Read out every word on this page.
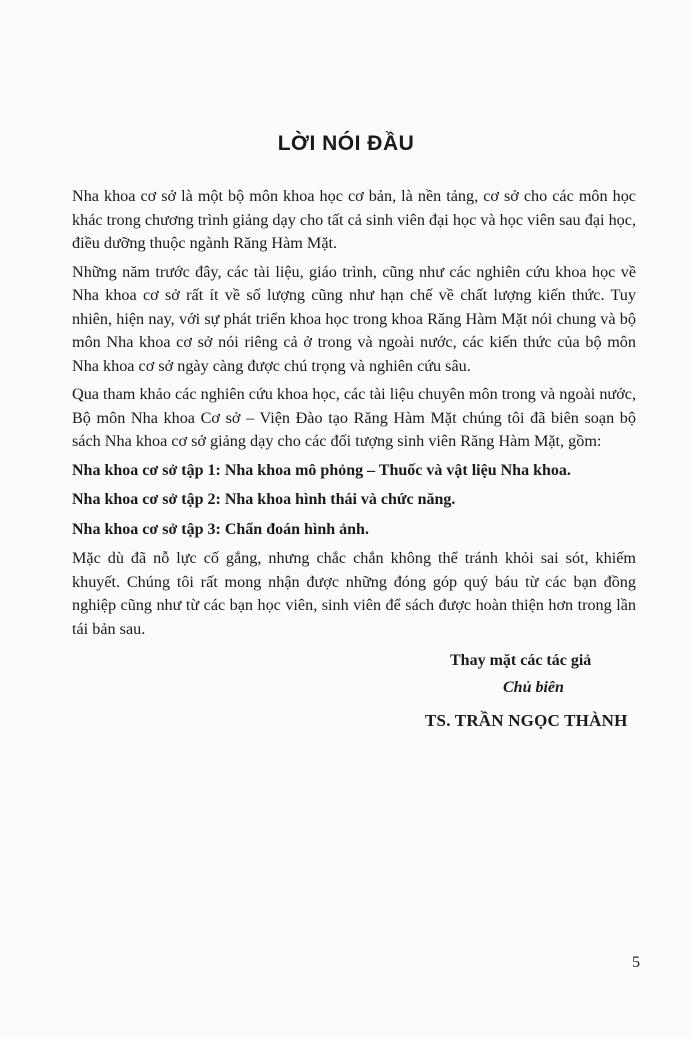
LỜI NÓI ĐẦU

Nha khoa cơ sở là một bộ môn khoa học cơ bản, là nền tảng, cơ sở cho các môn học khác trong chương trình giảng dạy cho tất cả sinh viên đại học và học viên sau đại học, điều dưỡng thuộc ngành Răng Hàm Mặt.

Những năm trước đây, các tài liệu, giáo trình, cũng như các nghiên cứu khoa học về Nha khoa cơ sở rất ít về số lượng cũng như hạn chế về chất lượng kiến thức. Tuy nhiên, hiện nay, với sự phát triển khoa học trong khoa Răng Hàm Mặt nói chung và bộ môn Nha khoa cơ sở nói riêng cả ở trong và ngoài nước, các kiến thức của bộ môn Nha khoa cơ sở ngày càng được chú trọng và nghiên cứu sâu.

Qua tham khảo các nghiên cứu khoa học, các tài liệu chuyên môn trong và ngoài nước, Bộ môn Nha khoa Cơ sở – Viện Đào tạo Răng Hàm Mặt chúng tôi đã biên soạn bộ sách Nha khoa cơ sở giảng dạy cho các đối tượng sinh viên Răng Hàm Mặt, gồm:

Nha khoa cơ sở tập 1: Nha khoa mô phỏng – Thuốc và vật liệu Nha khoa.

Nha khoa cơ sở tập 2: Nha khoa hình thái và chức năng.

Nha khoa cơ sở tập 3: Chẩn đoán hình ảnh.

Mặc dù đã nỗ lực cố gắng, nhưng chắc chắn không thể tránh khỏi sai sót, khiếm khuyết. Chúng tôi rất mong nhận được những đóng góp quý báu từ các bạn đồng nghiệp cũng như từ các bạn học viên, sinh viên để sách được hoàn thiện hơn trong lần tái bản sau.

Thay mặt các tác giả
Chủ biên
TS. TRẦN NGỌC THÀNH
5
